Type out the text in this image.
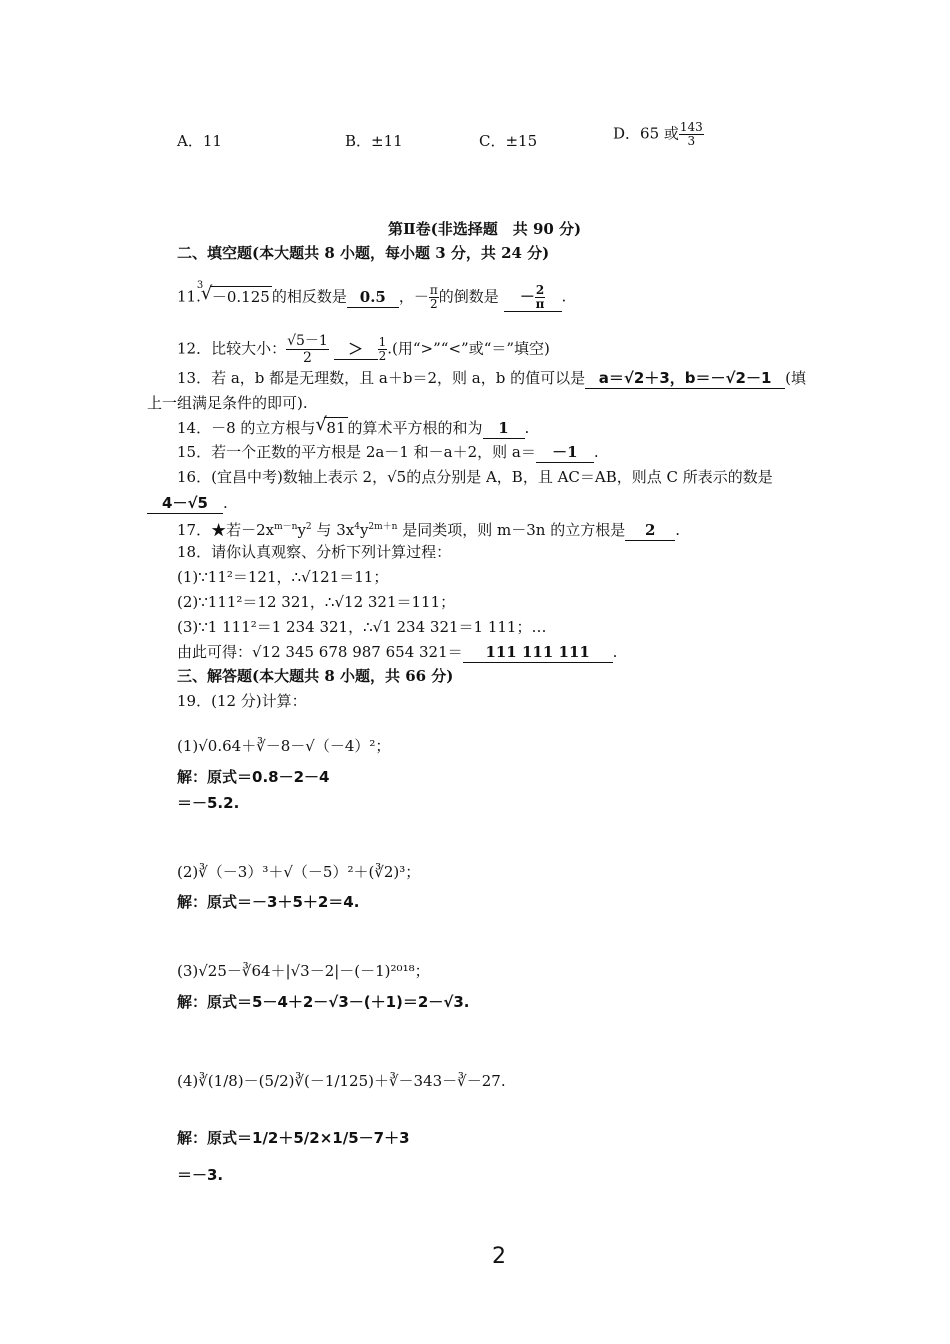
A．11	B．±11	C．±15	D．65 或 $\frac{143}{3}$
第Ⅱ卷(非选择题　共 90 分)
二、填空题(本大题共 8 小题，每小题 3 分，共 24 分)
11.
3
√ －0.125 的相反数是 0.5 ，－ $\frac{\pi}{2}$ 的倒数是 － $\frac{2}{\pi}$ .
12．比较大小： $\frac{√5-1}{2} > \frac{1}{2}$ .(用“>”“<”或“＝”填空)
13．若 a，b 都是无理数，且 a＋b＝2，则 a，b 的值可以是 a＝√2＋3，b＝－√2－1 (填
上一组满足条件的即可).
14．－8 的立方根与 √ 81 的算术平方根的和为 1 .
15．若一个正数的平方根是 2a－1 和－a＋2，则 a＝ －1 .
16．(宜昌中考)数轴上表示 2，√5的点分别是 A，B，且 AC＝AB，则点 C 所表示的数是
4－√5 .
17．★若$-2x^{m-n}y^2$ 与 $3x^4y^{2m+n}$ 是同类项，则 m－3n 的立方根是 2 .
18．请你认真观察、分析下列计算过程：
(1)∵11²＝121，∴√121＝11；
(2)∵111²＝12 321，∴√12 321＝111；
(3)∵1 111²＝1 234 321，∴√1 234 321＝1 111；…
由此可得：√12 345 678 987 654 321＝ 111 111 111 .
三、解答题(本大题共 8 小题，共 66 分)
19．(12 分)计算：
(1)√0.64＋∛－8－√（－4）²；
解：原式＝0.8－2－4
＝－5.2.
(2)∛（－3）³＋√（－5）²＋(∛2)³；
解：原式＝－3＋5＋2＝4.
(3)√25－∛64＋|√3－2|－(－1)²⁰¹⁸；
解：原式＝5－4＋2－√3－(＋1)＝2－√3.
(4)∛(1/8)－(5/2)∛(－1/125)＋∛－343－∛－27.
解：原式＝1/2＋5/2×1/5－7＋3
＝－3.
2
